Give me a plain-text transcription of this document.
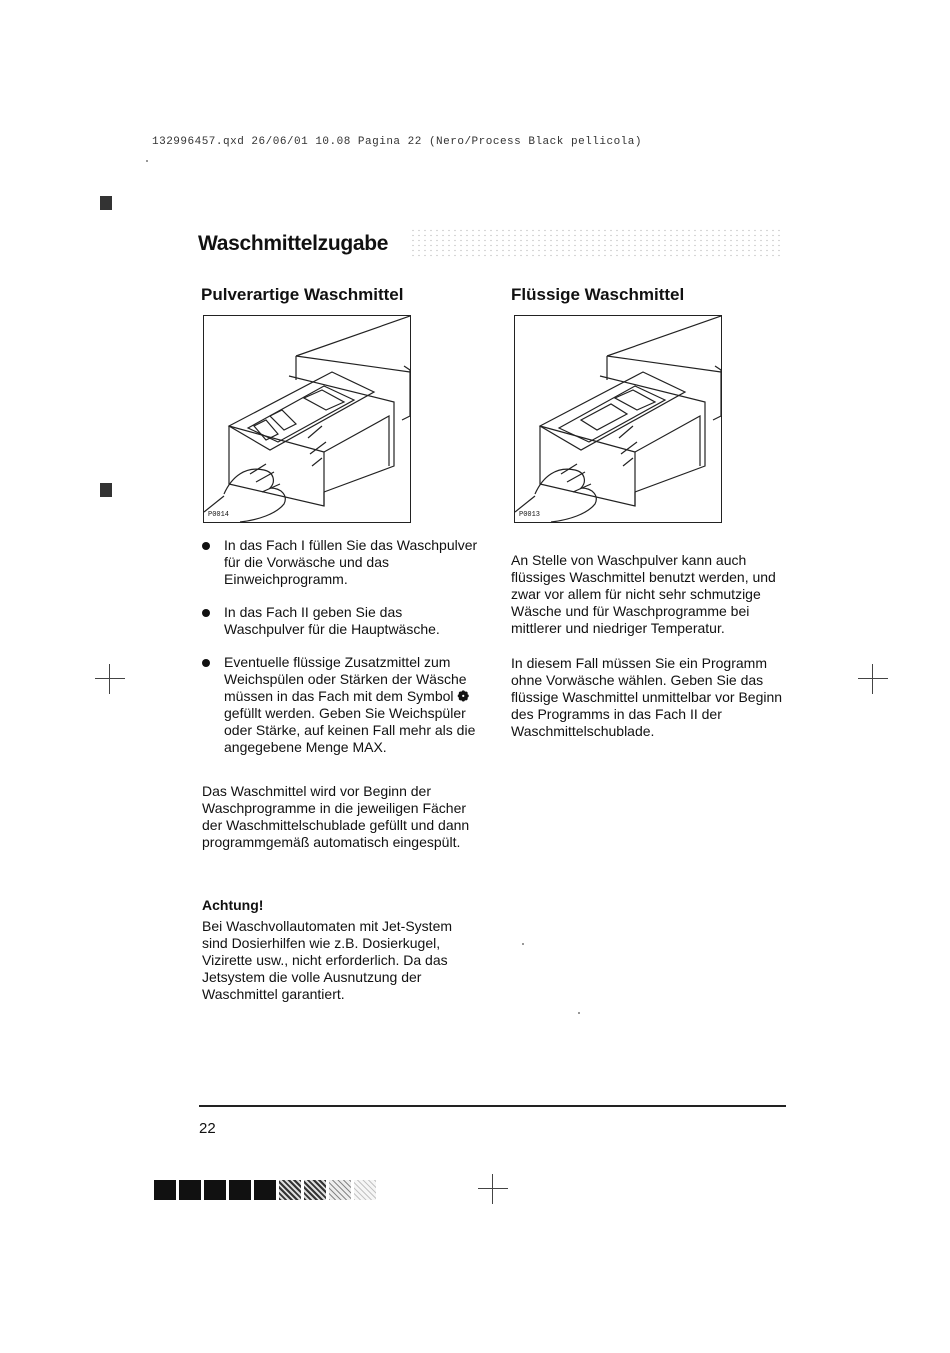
132996457.qxd 26/06/01 10.08 Pagina 22 (Nero/Process Black pellicola)
Waschmittelzugabe
Pulverartige Waschmittel	Flüssige Waschmittel
P0014	P0013
In das Fach I füllen Sie das Waschpulver für die Vorwäsche und das Einweichprogramm.
In das Fach II geben Sie das Waschpulver für die Hauptwäsche.
Eventuelle flüssige Zusatzmittel zum Weichspülen oder Stärken der Wäsche müssen in das Fach mit dem Symbol ❁ gefüllt werden. Geben Sie Weichspüler oder Stärke, auf keinen Fall mehr als die angegebene Menge MAX.
Das Waschmittel wird vor Beginn der Waschprogramme in die jeweiligen Fächer der Waschmittelschublade gefüllt und dann programmgemäß automatisch eingespült.
Achtung!
Bei Waschvollautomaten mit Jet-System sind Dosierhilfen wie z.B. Dosierkugel, Vizirette usw., nicht erforderlich. Da das Jetsystem die volle Ausnutzung der Waschmittel garantiert.
An Stelle von Waschpulver kann auch flüssiges Waschmittel benutzt werden, und zwar vor allem für nicht sehr schmutzige Wäsche und für Waschprogramme bei mittlerer und niedriger Temperatur.
In diesem Fall müssen Sie ein Programm ohne Vorwäsche wählen. Geben Sie das flüssige Waschmittel unmittelbar vor Beginn des Programms in das Fach II der Waschmittelschublade.
22
